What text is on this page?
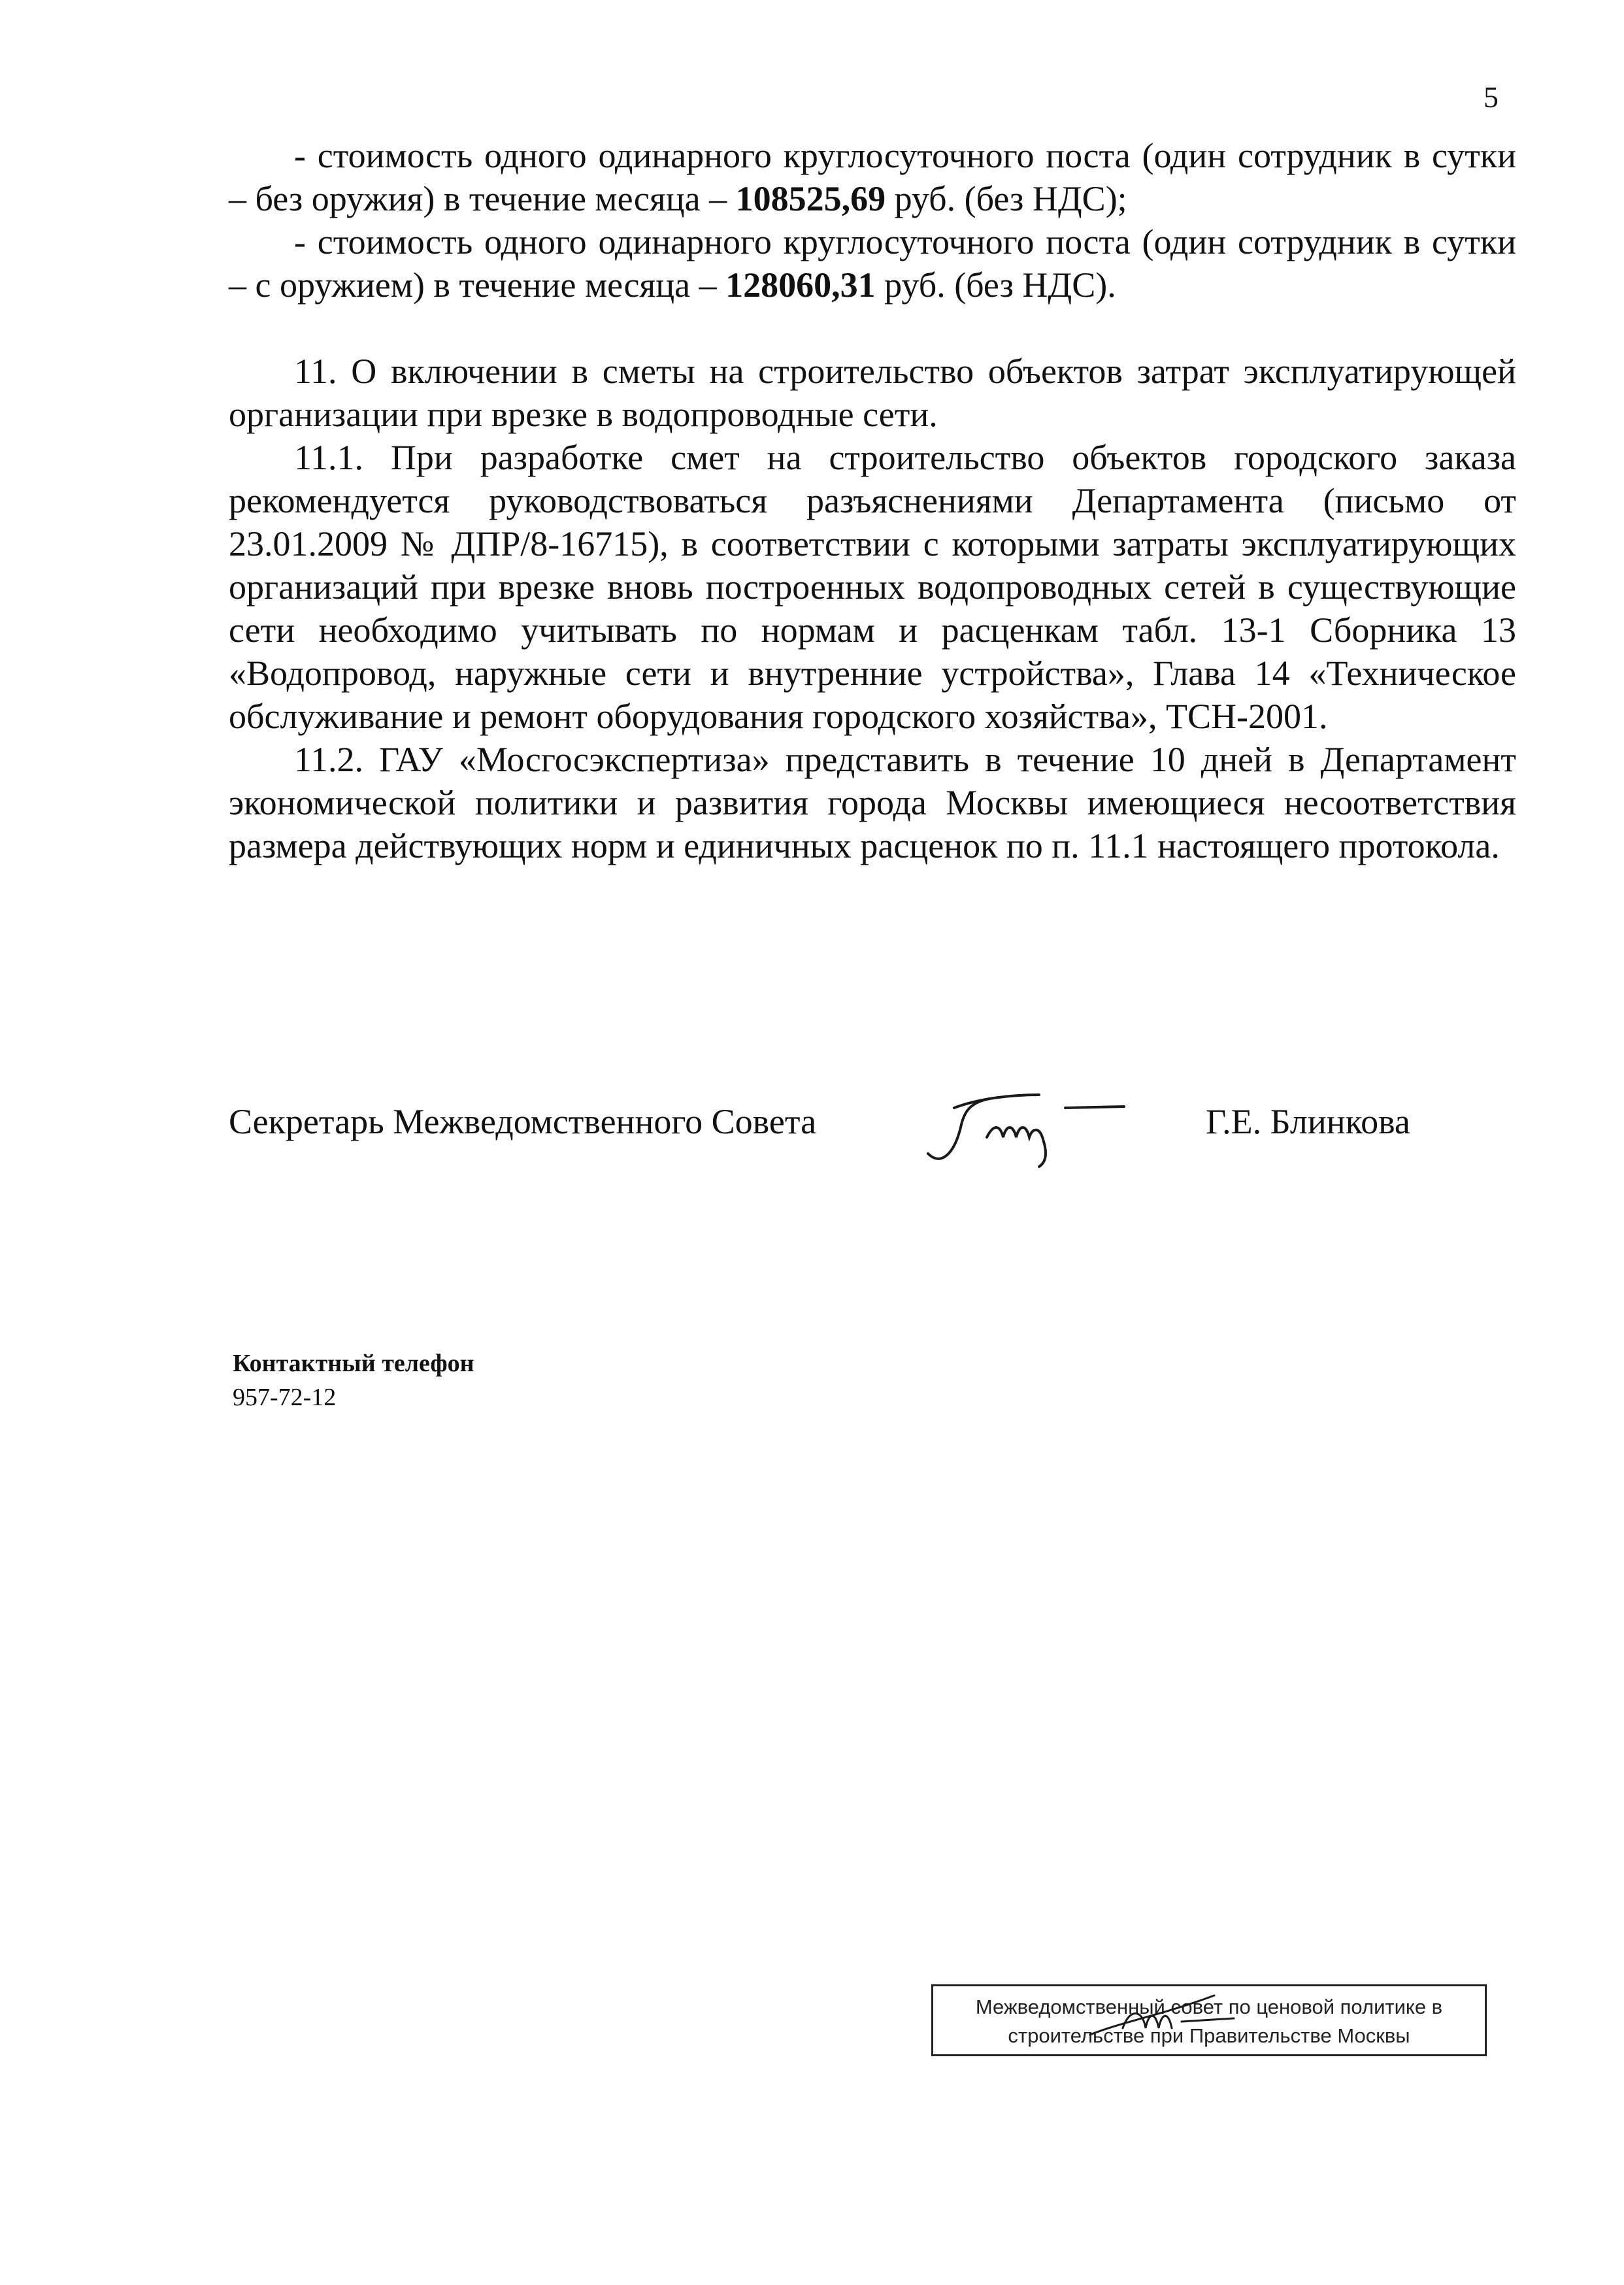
5

- стоимость одного одинарного круглосуточного поста (один сотрудник в сутки – без оружия) в течение месяца – 108525,69 руб. (без НДС);

- стоимость одного одинарного круглосуточного поста (один сотрудник в сутки – с оружием) в течение месяца – 128060,31 руб. (без НДС).

11. О включении в сметы на строительство объектов затрат эксплуатирующей организации при врезке в водопроводные сети.

11.1. При разработке смет на строительство объектов городского заказа рекомендуется руководствоваться разъяснениями Департамента (письмо от 23.01.2009 № ДПР/8-16715), в соответствии с которыми затраты эксплуатирующих организаций при врезке вновь построенных водопроводных сетей в существующие сети необходимо учитывать по нормам и расценкам табл. 13-1 Сборника 13 «Водопровод, наружные сети и внутренние устройства», Глава 14 «Техническое обслуживание и ремонт оборудования городского хозяйства», ТСН-2001.

11.2. ГАУ «Мосгосэкспертиза» представить в течение 10 дней в Департамент экономической политики и развития города Москвы имеющиеся несоответствия размера действующих норм и единичных расценок по п. 11.1 настоящего протокола.

Секретарь Межведомственного Совета	Г.Е. Блинкова
Контактный телефон
957-72-12
Межведомственный совет по ценовой политике в
строительстве при Правительстве Москвы
